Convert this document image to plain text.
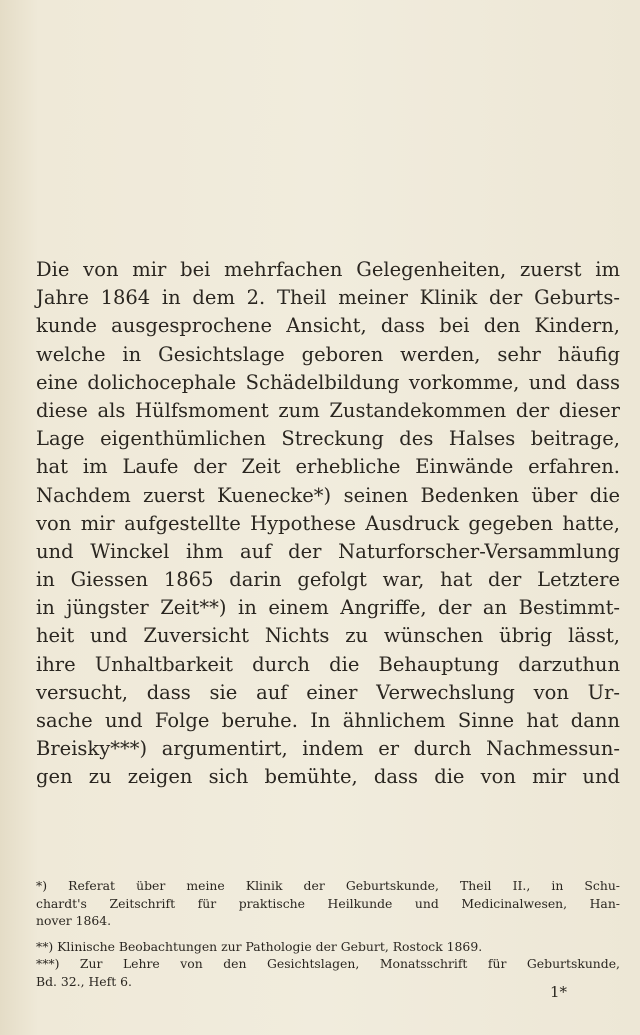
Die von mir bei mehrfachen Gelegenheiten, zuerst im
Jahre 1864 in dem 2. Theil meiner Klinik der Geburts-
kunde ausgesprochene Ansicht, dass bei den Kindern,
welche in Gesichtslage geboren werden, sehr häufig
eine dolichocephale Schädelbildung vorkomme, und dass
diese als Hülfsmoment zum Zustandekommen der dieser
Lage eigenthümlichen Streckung des Halses beitrage,
hat im Laufe der Zeit erhebliche Einwände erfahren.
Nachdem zuerst Kuenecke*) seinen Bedenken über die
von mir aufgestellte Hypothese Ausdruck gegeben hatte,
und Winckel ihm auf der Naturforscher-Versammlung
in Giessen 1865 darin gefolgt war, hat der Letztere
in jüngster Zeit**) in einem Angriffe, der an Bestimmt-
heit und Zuversicht Nichts zu wünschen übrig lässt,
ihre Unhaltbarkeit durch die Behauptung darzuthun
versucht, dass sie auf einer Verwechslung von Ur-
sache und Folge beruhe. In ähnlichem Sinne hat dann
Breisky***) argumentirt, indem er durch Nachmessun-
gen zu zeigen sich bemühte, dass die von mir und
*) Referat über meine Klinik der Geburtskunde, Theil II., in Schu-
chardt's Zeitschrift für praktische Heilkunde und Medicinalwesen, Han-
nover 1864.
**) Klinische Beobachtungen zur Pathologie der Geburt, Rostock 1869.
***) Zur Lehre von den Gesichtslagen, Monatsschrift für Geburtskunde,
Bd. 32., Heft 6.
1*
